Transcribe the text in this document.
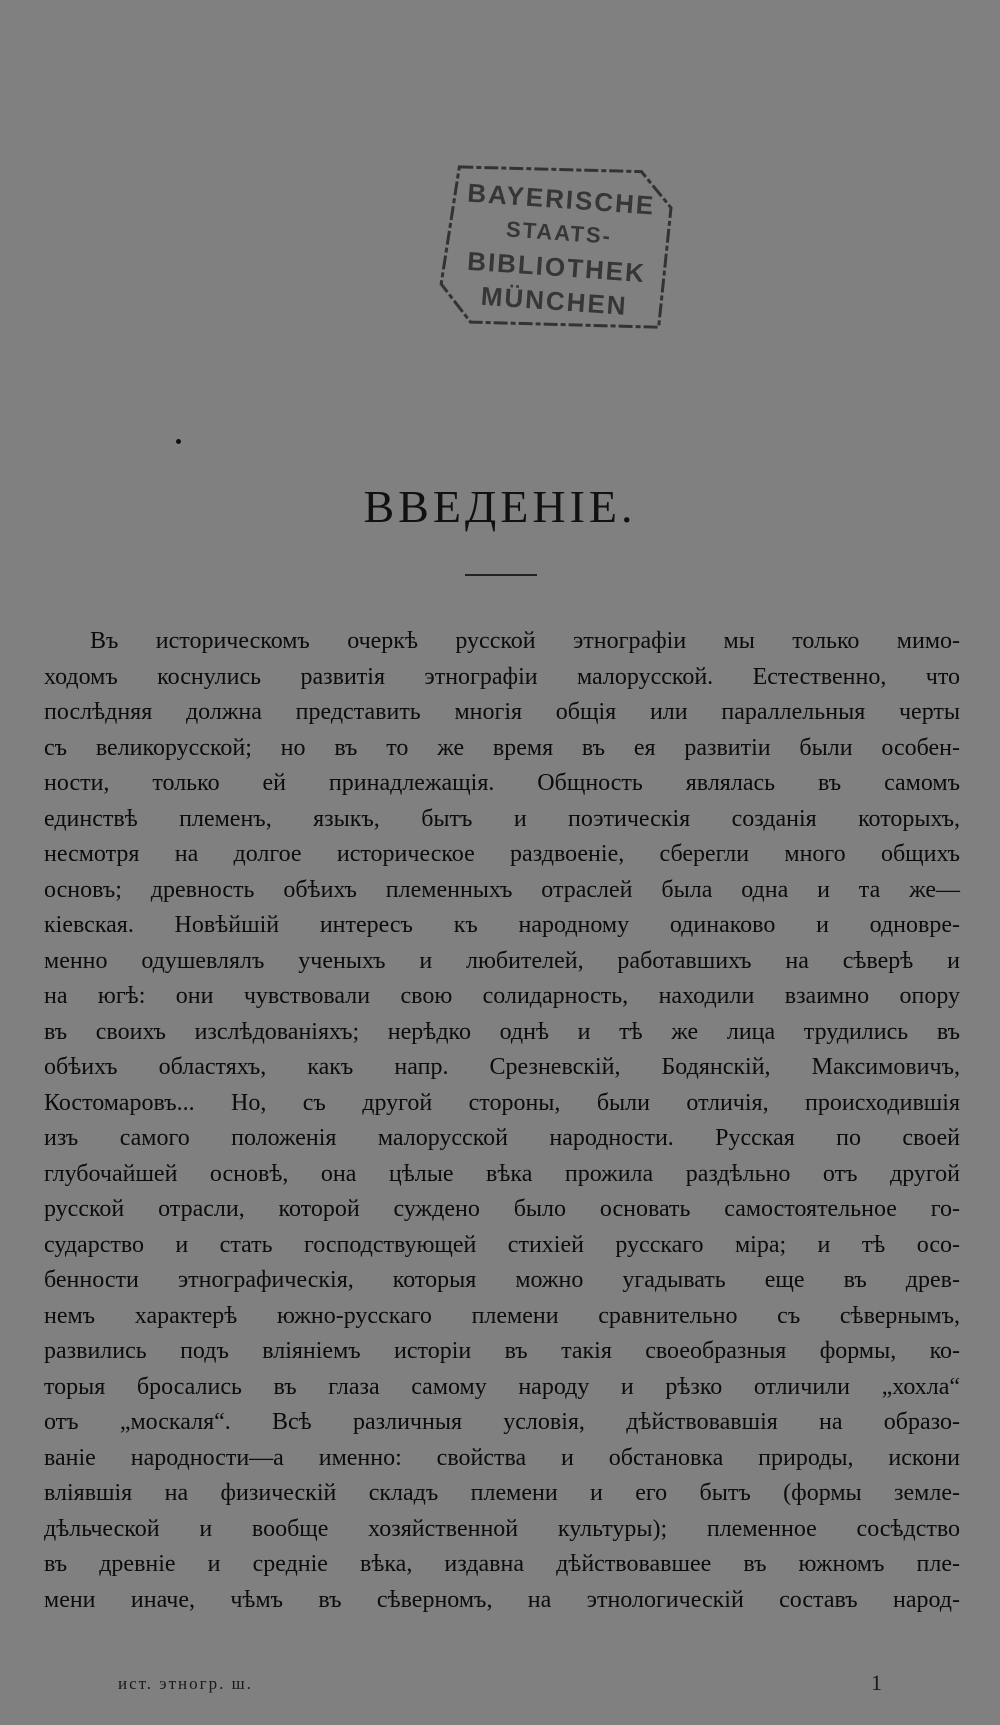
BAYERISCHE
STAATS-
BIBLIOTHEK
MÜNCHEN
ВВЕДЕНІЕ.
Въ историческомъ очеркѣ русской этнографіи мы только мимо-
ходомъ коснулись развитія этнографіи малорусской. Естественно, что
послѣдняя должна представить многія общія или параллельныя черты
съ великорусской; но въ то же время въ ея развитіи были особен-
ности, только ей принадлежащія. Общность являлась въ самомъ
единствѣ племенъ, языкъ, бытъ и поэтическія созданія которыхъ,
несмотря на долгое историческое раздвоеніе, сберегли много общихъ
основъ; древность обѣихъ племенныхъ отраслей была одна и та же—
кіевская. Новѣйшій интересъ къ народному одинаково и одновре-
менно одушевлялъ ученыхъ и любителей, работавшихъ на сѣверѣ и
на югѣ: они чувствовали свою солидарность, находили взаимно опору
въ своихъ изслѣдованіяхъ; нерѣдко однѣ и тѣ же лица трудились въ
обѣихъ областяхъ, какъ напр. Срезневскій, Бодянскій, Максимовичъ,
Костомаровъ... Но, съ другой стороны, были отличія, происходившія
изъ самого положенія малорусской народности. Русская по своей
глубочайшей основѣ, она цѣлые вѣка прожила раздѣльно отъ другой
русской отрасли, которой суждено было основать самостоятельное го-
сударство и стать господствующей стихіей русскаго міра; и тѣ осо-
бенности этнографическія, которыя можно угадывать еще въ древ-
немъ характерѣ южно-русскаго племени сравнительно съ сѣвернымъ,
развились подъ вліяніемъ исторіи въ такія своеобразныя формы, ко-
торыя бросались въ глаза самому народу и рѣзко отличили „хохла“
отъ „москаля“. Всѣ различныя условія, дѣйствовавшія на образо-
ваніе народности—а именно: свойства и обстановка природы, искони
вліявшія на физическій складъ племени и его бытъ (формы земле-
дѣльческой и вообще хозяйственной культуры); племенное сосѣдство
въ древніе и средніе вѣка, издавна дѣйствовавшее въ южномъ пле-
мени иначе, чѣмъ въ сѣверномъ, на этнологическій составъ народ-
ист. этногр. ш.	1
